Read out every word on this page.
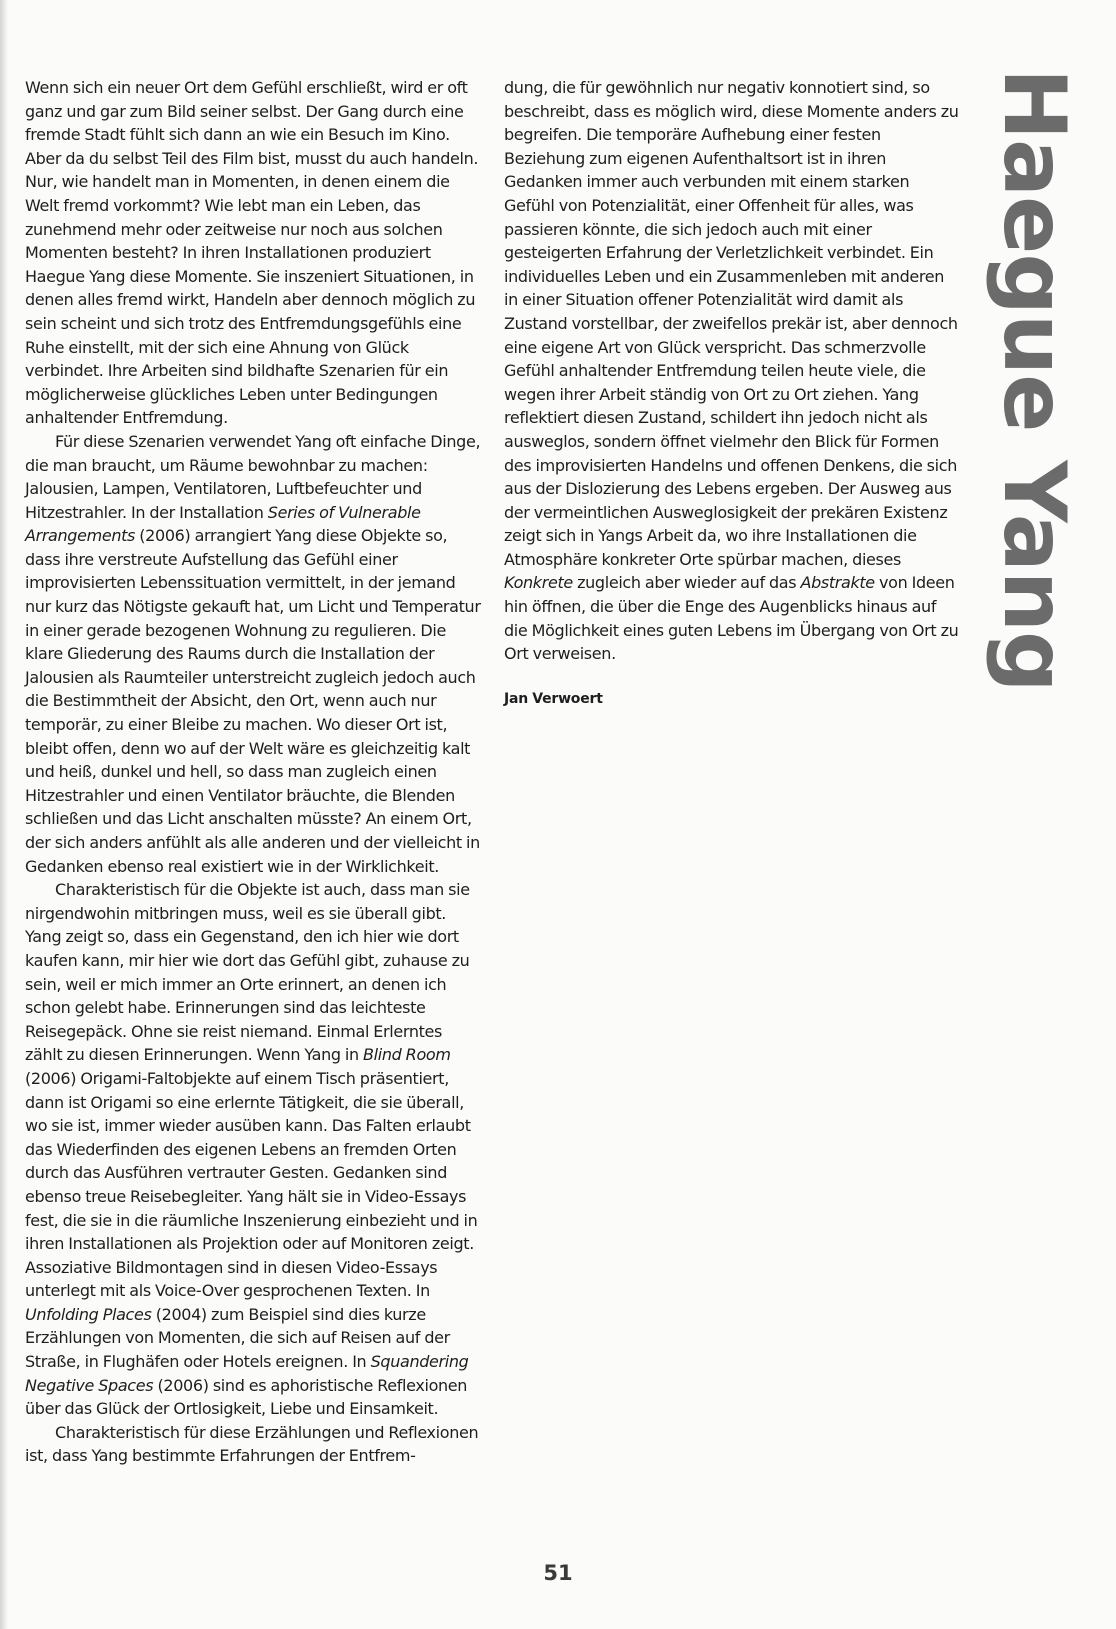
Wenn sich ein neuer Ort dem Gefühl erschließt, wird er oft ganz und gar zum Bild seiner selbst. Der Gang durch eine fremde Stadt fühlt sich dann an wie ein Besuch im Kino. Aber da du selbst Teil des Film bist, musst du auch handeln. Nur, wie handelt man in Momenten, in denen einem die Welt fremd vorkommt? Wie lebt man ein Leben, das zunehmend mehr oder zeitweise nur noch aus solchen Momenten besteht? In ihren Installationen produziert Haegue Yang diese Momente. Sie inszeniert Situationen, in denen alles fremd wirkt, Handeln aber dennoch möglich zu sein scheint und sich trotz des Entfremdungsgefühls eine Ruhe einstellt, mit der sich eine Ahnung von Glück verbindet. Ihre Arbeiten sind bildhafte Szenarien für ein möglicherweise glückliches Leben unter Bedingungen anhaltender Entfremdung.

Für diese Szenarien verwendet Yang oft einfache Dinge, die man braucht, um Räume bewohnbar zu machen: Jalousien, Lampen, Ventilatoren, Luftbefeuchter und Hitzestrahler. In der Installation Series of Vulnerable Arrangements (2006) arrangiert Yang diese Objekte so, dass ihre verstreute Aufstellung das Gefühl einer improvisierten Lebenssituation vermittelt, in der jemand nur kurz das Nötigste gekauft hat, um Licht und Temperatur in einer gerade bezogenen Wohnung zu regulieren. Die klare Gliederung des Raums durch die Installation der Jalousien als Raumteiler unterstreicht zugleich jedoch auch die Bestimmtheit der Absicht, den Ort, wenn auch nur temporär, zu einer Bleibe zu machen. Wo dieser Ort ist, bleibt offen, denn wo auf der Welt wäre es gleichzeitig kalt und heiß, dunkel und hell, so dass man zugleich einen Hitzestrahler und einen Ventilator bräuchte, die Blenden schließen und das Licht anschalten müsste? An einem Ort, der sich anders anfühlt als alle anderen und der vielleicht in Gedanken ebenso real existiert wie in der Wirklichkeit.

Charakteristisch für die Objekte ist auch, dass man sie nirgendwohin mitbringen muss, weil es sie überall gibt. Yang zeigt so, dass ein Gegenstand, den ich hier wie dort kaufen kann, mir hier wie dort das Gefühl gibt, zuhause zu sein, weil er mich immer an Orte erinnert, an denen ich schon gelebt habe. Erinnerungen sind das leichteste Reisegepäck. Ohne sie reist niemand. Einmal Erlerntes zählt zu diesen Erinnerungen. Wenn Yang in Blind Room (2006) Origami-Faltobjekte auf einem Tisch präsentiert, dann ist Origami so eine erlernte Tätigkeit, die sie überall, wo sie ist, immer wieder ausüben kann. Das Falten erlaubt das Wiederfinden des eigenen Lebens an fremden Orten durch das Ausführen vertrauter Gesten. Gedanken sind ebenso treue Reisebegleiter. Yang hält sie in Video-Essays fest, die sie in die räumliche Inszenierung einbezieht und in ihren Installationen als Projektion oder auf Monitoren zeigt. Assoziative Bildmontagen sind in diesen Video-Essays unterlegt mit als Voice-Over gesprochenen Texten. In Unfolding Places (2004) zum Beispiel sind dies kurze Erzählungen von Momenten, die sich auf Reisen auf der Straße, in Flughäfen oder Hotels ereignen. In Squandering Negative Spaces (2006) sind es aphoristische Reflexionen über das Glück der Ortlosigkeit, Liebe und Einsamkeit.

Charakteristisch für diese Erzählungen und Reflexionen ist, dass Yang bestimmte Erfahrungen der Entfrem-

dung, die für gewöhnlich nur negativ konnotiert sind, so beschreibt, dass es möglich wird, diese Momente anders zu begreifen. Die temporäre Aufhebung einer festen Beziehung zum eigenen Aufenthaltsort ist in ihren Gedanken immer auch verbunden mit einem starken Gefühl von Potenzialität, einer Offenheit für alles, was passieren könnte, die sich jedoch auch mit einer gesteigerten Erfahrung der Verletzlichkeit verbindet. Ein individuelles Leben und ein Zusammenleben mit anderen in einer Situation offener Potenzialität wird damit als Zustand vorstellbar, der zweifellos prekär ist, aber dennoch eine eigene Art von Glück verspricht. Das schmerzvolle Gefühl anhaltender Entfremdung teilen heute viele, die wegen ihrer Arbeit ständig von Ort zu Ort ziehen. Yang reflektiert diesen Zustand, schildert ihn jedoch nicht als ausweglos, sondern öffnet vielmehr den Blick für Formen des improvisierten Handelns und offenen Denkens, die sich aus der Dislozierung des Lebens ergeben. Der Ausweg aus der vermeintlichen Ausweglosigkeit der prekären Existenz zeigt sich in Yangs Arbeit da, wo ihre Installationen die Atmosphäre konkreter Orte spürbar machen, dieses Konkrete zugleich aber wieder auf das Abstrakte von Ideen hin öffnen, die über die Enge des Augenblicks hinaus auf die Möglichkeit eines guten Lebens im Übergang von Ort zu Ort verweisen.

Jan Verwoert

Haegue Yang
51
